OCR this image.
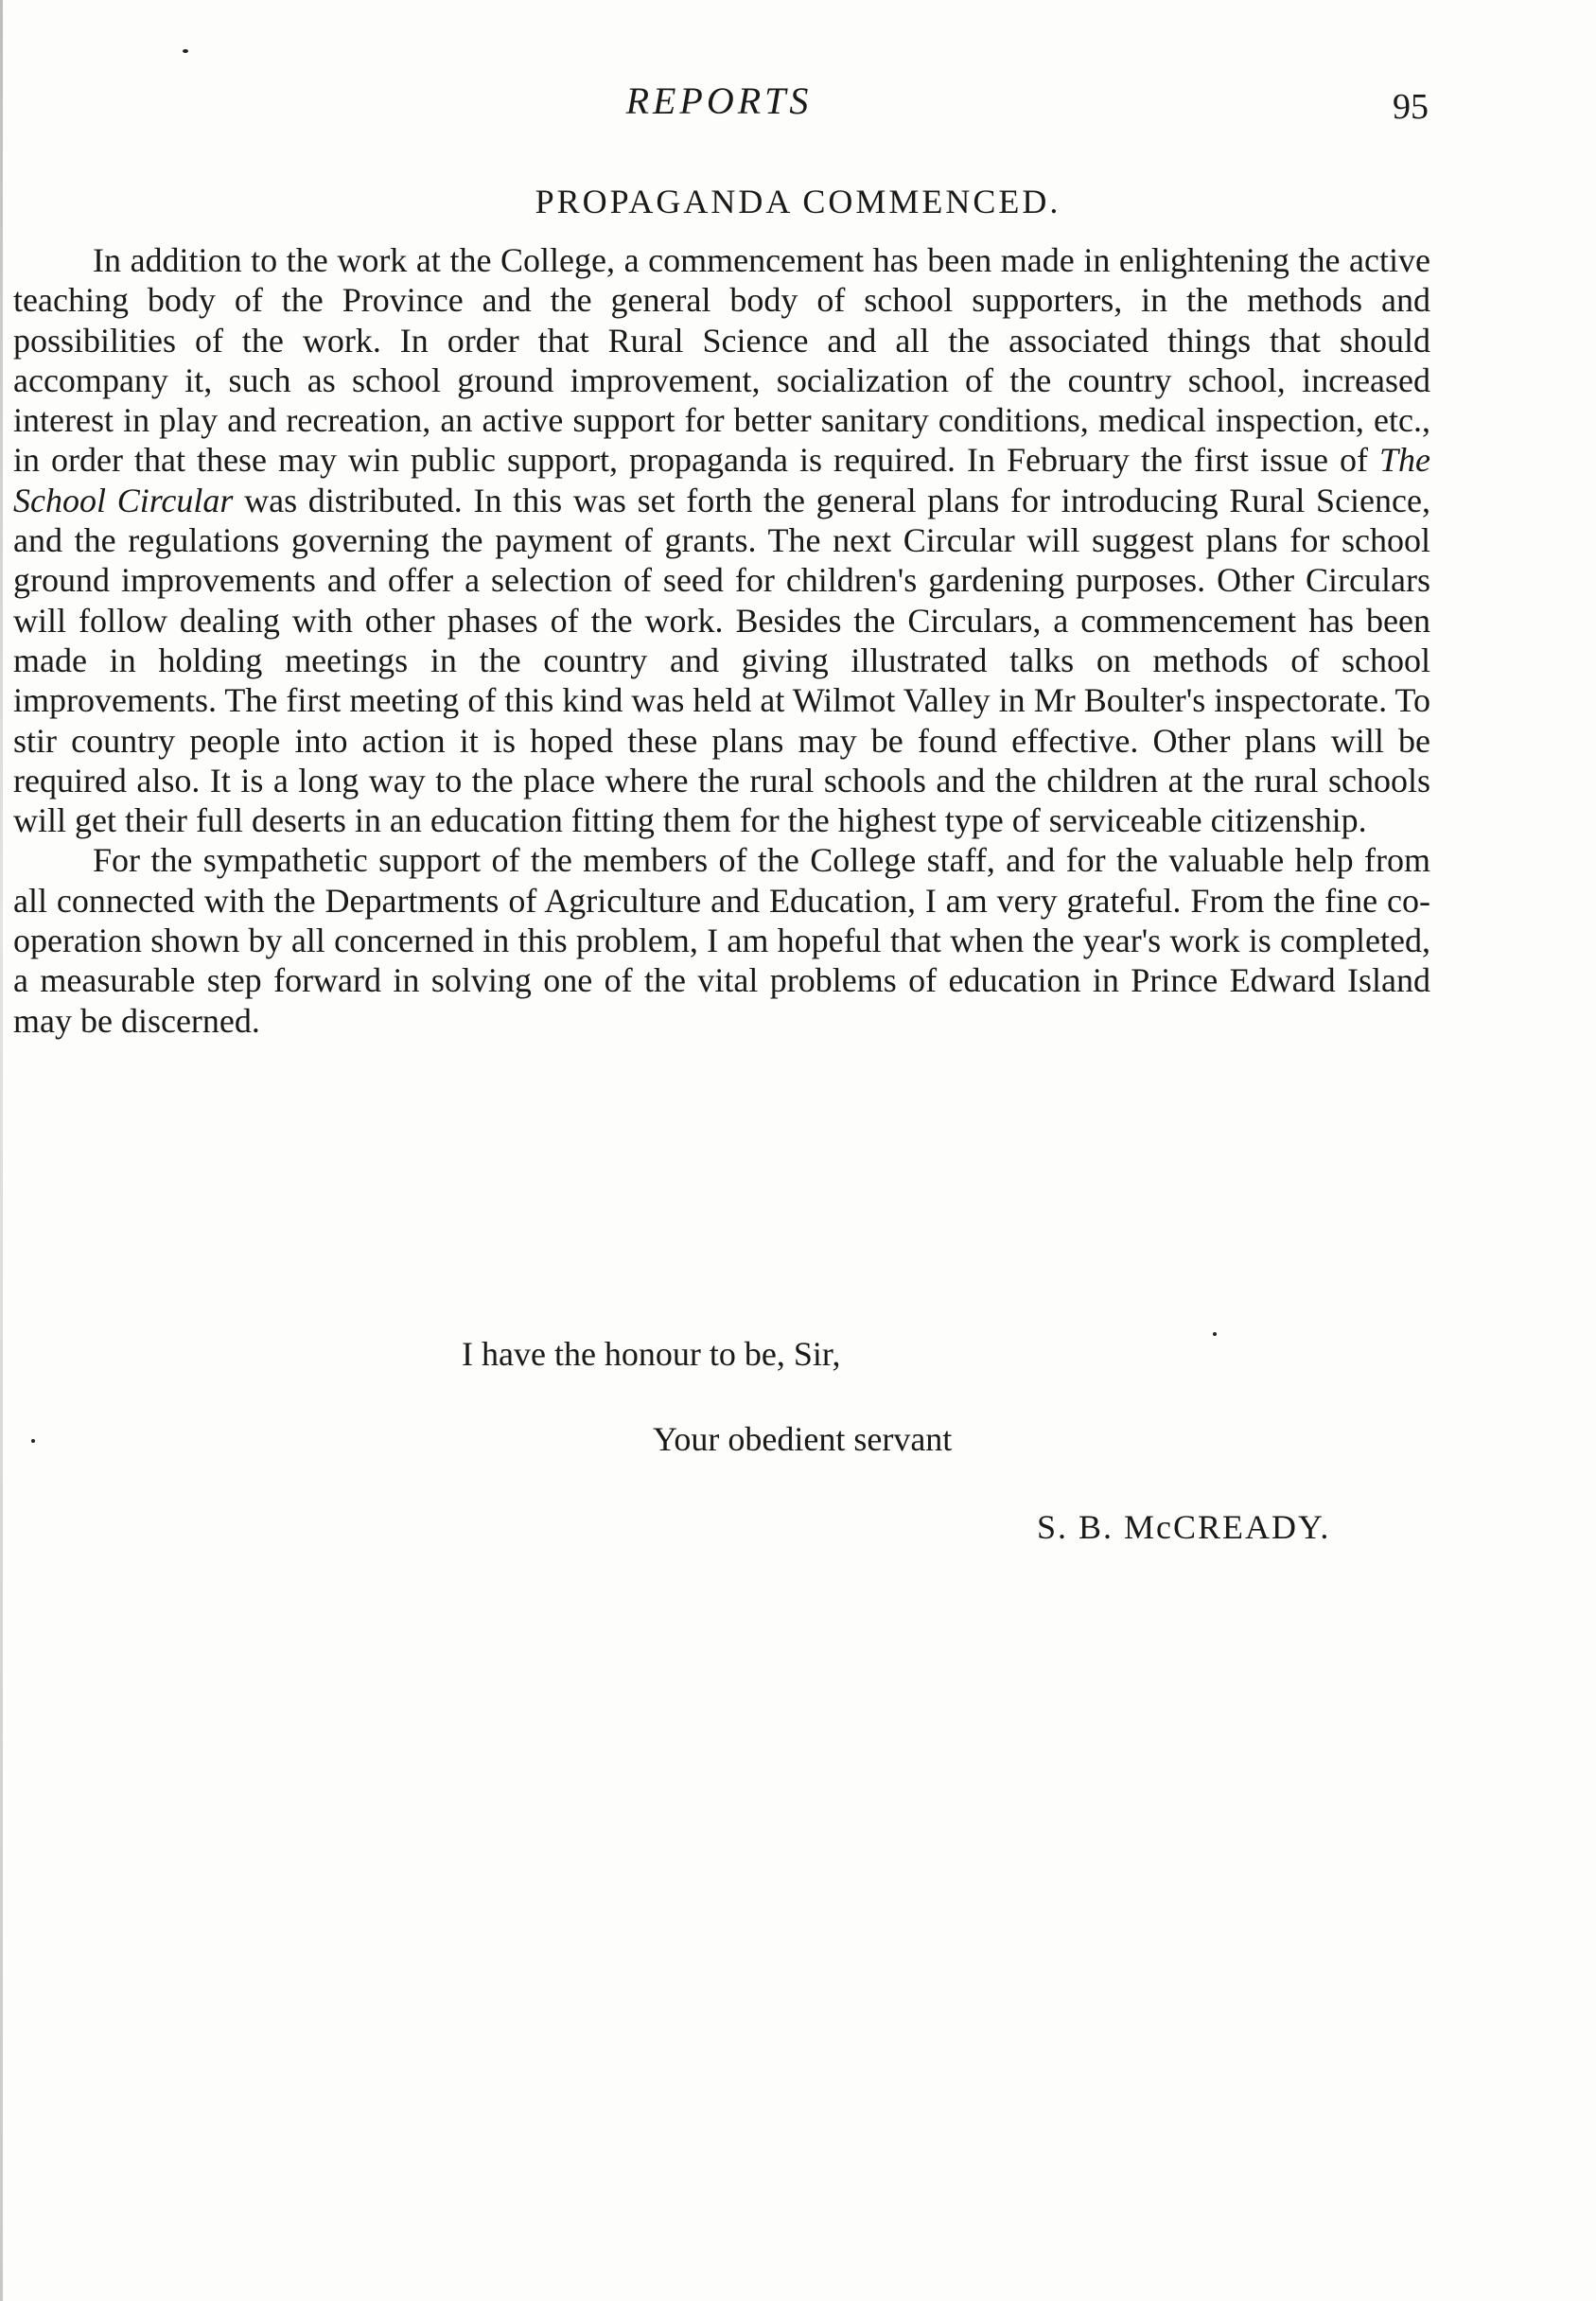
REPORTS	95
PROPAGANDA COMMENCED.

In addition to the work at the College, a commencement has been made in enlightening the active teaching body of the Province and the general body of school supporters, in the methods and possibilities of the work. In order that Rural Science and all the associated things that should accompany it, such as school ground improvement, socialization of the country school, increased interest in play and recreation, an active support for better sanitary conditions, medical inspection, etc., in order that these may win public support, propaganda is required. In February the first issue of The School Circular was distributed. In this was set forth the general plans for introducing Rural Science, and the regulations governing the payment of grants. The next Circular will suggest plans for school ground improvements and offer a selection of seed for children's gardening purposes. Other Circulars will follow dealing with other phases of the work. Besides the Circulars, a commencement has been made in holding meetings in the country and giving illustrated talks on methods of school improvements. The first meeting of this kind was held at Wilmot Valley in Mr Boulter's inspectorate. To stir country people into action it is hoped these plans may be found effective. Other plans will be required also. It is a long way to the place where the rural schools and the children at the rural schools will get their full deserts in an education fitting them for the highest type of serviceable citizenship.

For the sympathetic support of the members of the College staff, and for the valuable help from all connected with the Departments of Agriculture and Education, I am very grateful. From the fine co-operation shown by all concerned in this problem, I am hopeful that when the year's work is completed, a measurable step forward in solving one of the vital problems of education in Prince Edward Island may be discerned.

I have the honour to be, Sir,
Your obedient servant
S. B. McCREADY.
